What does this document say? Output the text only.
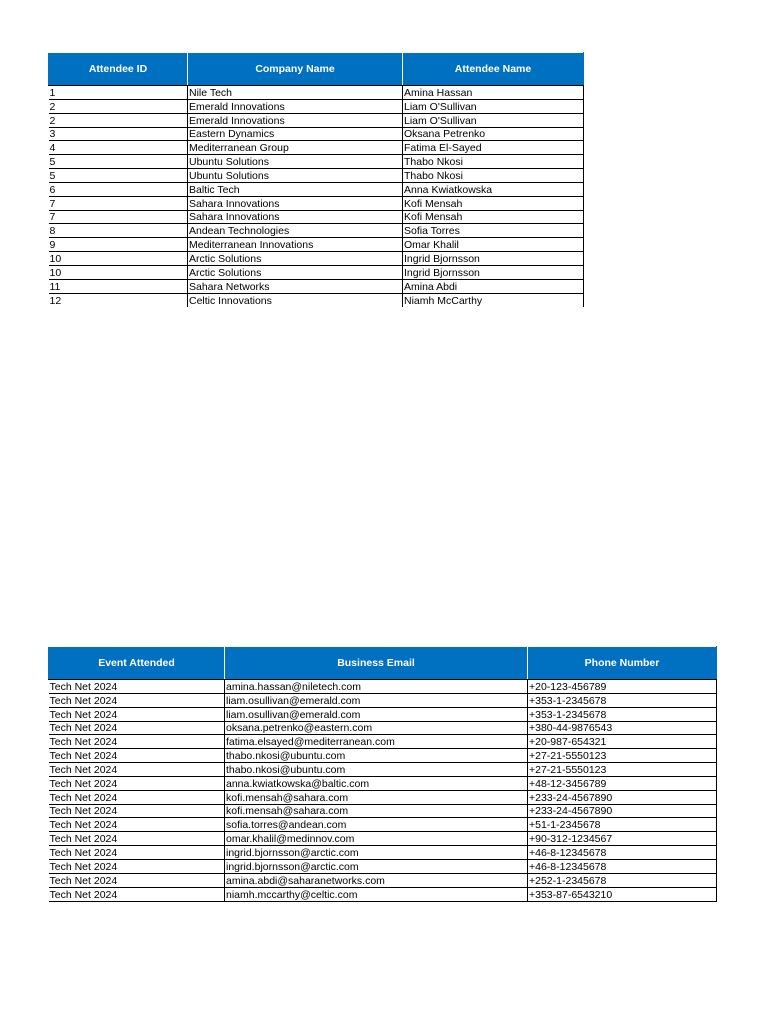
Attendee ID	Company Name	Attendee Name
1	Nile Tech	Amina Hassan
2	Emerald Innovations	Liam O'Sullivan
2	Emerald Innovations	Liam O'Sullivan
3	Eastern Dynamics	Oksana Petrenko
4	Mediterranean Group	Fatima El-Sayed
5	Ubuntu Solutions	Thabo Nkosi
5	Ubuntu Solutions	Thabo Nkosi
6	Baltic Tech	Anna Kwiatkowska
7	Sahara Innovations	Kofi Mensah
7	Sahara Innovations	Kofi Mensah
8	Andean Technologies	Sofia Torres
9	Mediterranean Innovations	Omar Khalil
10	Arctic Solutions	Ingrid Bjornsson
10	Arctic Solutions	Ingrid Bjornsson
11	Sahara Networks	Amina Abdi
12	Celtic Innovations	Niamh McCarthy
Event Attended	Business Email	Phone Number
Tech Net 2024	amina.hassan@niletech.com	+20-123-456789
Tech Net 2024	liam.osullivan@emerald.com	+353-1-2345678
Tech Net 2024	liam.osullivan@emerald.com	+353-1-2345678
Tech Net 2024	oksana.petrenko@eastern.com	+380-44-9876543
Tech Net 2024	fatima.elsayed@mediterranean.com	+20-987-654321
Tech Net 2024	thabo.nkosi@ubuntu.com	+27-21-5550123
Tech Net 2024	thabo.nkosi@ubuntu.com	+27-21-5550123
Tech Net 2024	anna.kwiatkowska@baltic.com	+48-12-3456789
Tech Net 2024	kofi.mensah@sahara.com	+233-24-4567890
Tech Net 2024	kofi.mensah@sahara.com	+233-24-4567890
Tech Net 2024	sofia.torres@andean.com	+51-1-2345678
Tech Net 2024	omar.khalil@medinnov.com	+90-312-1234567
Tech Net 2024	ingrid.bjornsson@arctic.com	+46-8-12345678
Tech Net 2024	ingrid.bjornsson@arctic.com	+46-8-12345678
Tech Net 2024	amina.abdi@saharanetworks.com	+252-1-2345678
Tech Net 2024	niamh.mccarthy@celtic.com	+353-87-6543210
